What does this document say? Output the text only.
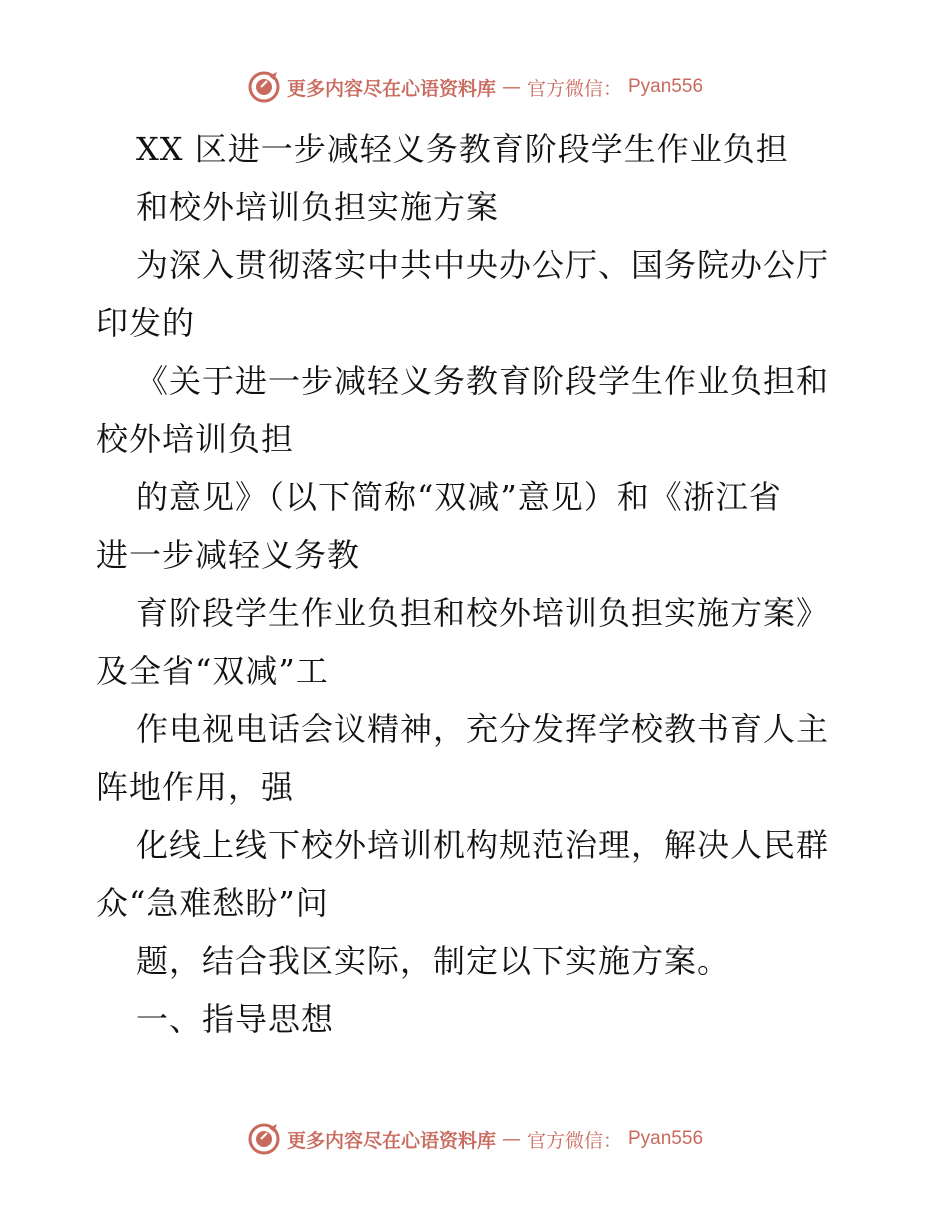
更多内容尽在心语资料库 — 官方微信： Pyan556
XX 区进一步减轻义务教育阶段学生作业负担
和校外培训负担实施方案
为深入贯彻落实中共中央办公厅、国务院办公厅
印发的
《关于进一步减轻义务教育阶段学生作业负担和
校外培训负担
的意见》（以下简称“双减”意见）和《浙江省
进一步减轻义务教
育阶段学生作业负担和校外培训负担实施方案》
及全省“双减”工
作电视电话会议精神，充分发挥学校教书育人主
阵地作用，强
化线上线下校外培训机构规范治理，解决人民群
众“急难愁盼”问
题，结合我区实际，制定以下实施方案。
一、指导思想
更多内容尽在心语资料库 — 官方微信： Pyan556
